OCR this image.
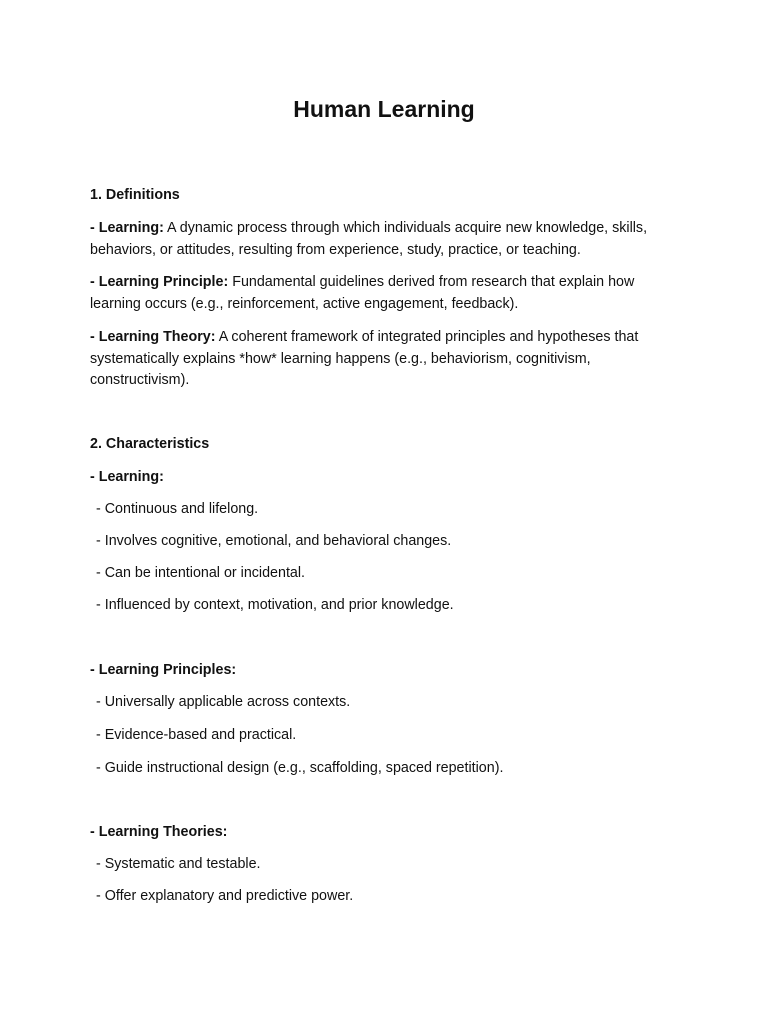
Human Learning

1. Definitions

- Learning: A dynamic process through which individuals acquire new knowledge, skills, behaviors, or attitudes, resulting from experience, study, practice, or teaching.

- Learning Principle: Fundamental guidelines derived from research that explain how learning occurs (e.g., reinforcement, active engagement, feedback).

- Learning Theory: A coherent framework of integrated principles and hypotheses that systematically explains *how* learning happens (e.g., behaviorism, cognitivism, constructivism).

2. Characteristics

- Learning:

- Continuous and lifelong.

- Involves cognitive, emotional, and behavioral changes.

- Can be intentional or incidental.

- Influenced by context, motivation, and prior knowledge.

- Learning Principles:

- Universally applicable across contexts.

- Evidence-based and practical.

- Guide instructional design (e.g., scaffolding, spaced repetition).

- Learning Theories:

- Systematic and testable.

- Offer explanatory and predictive power.
